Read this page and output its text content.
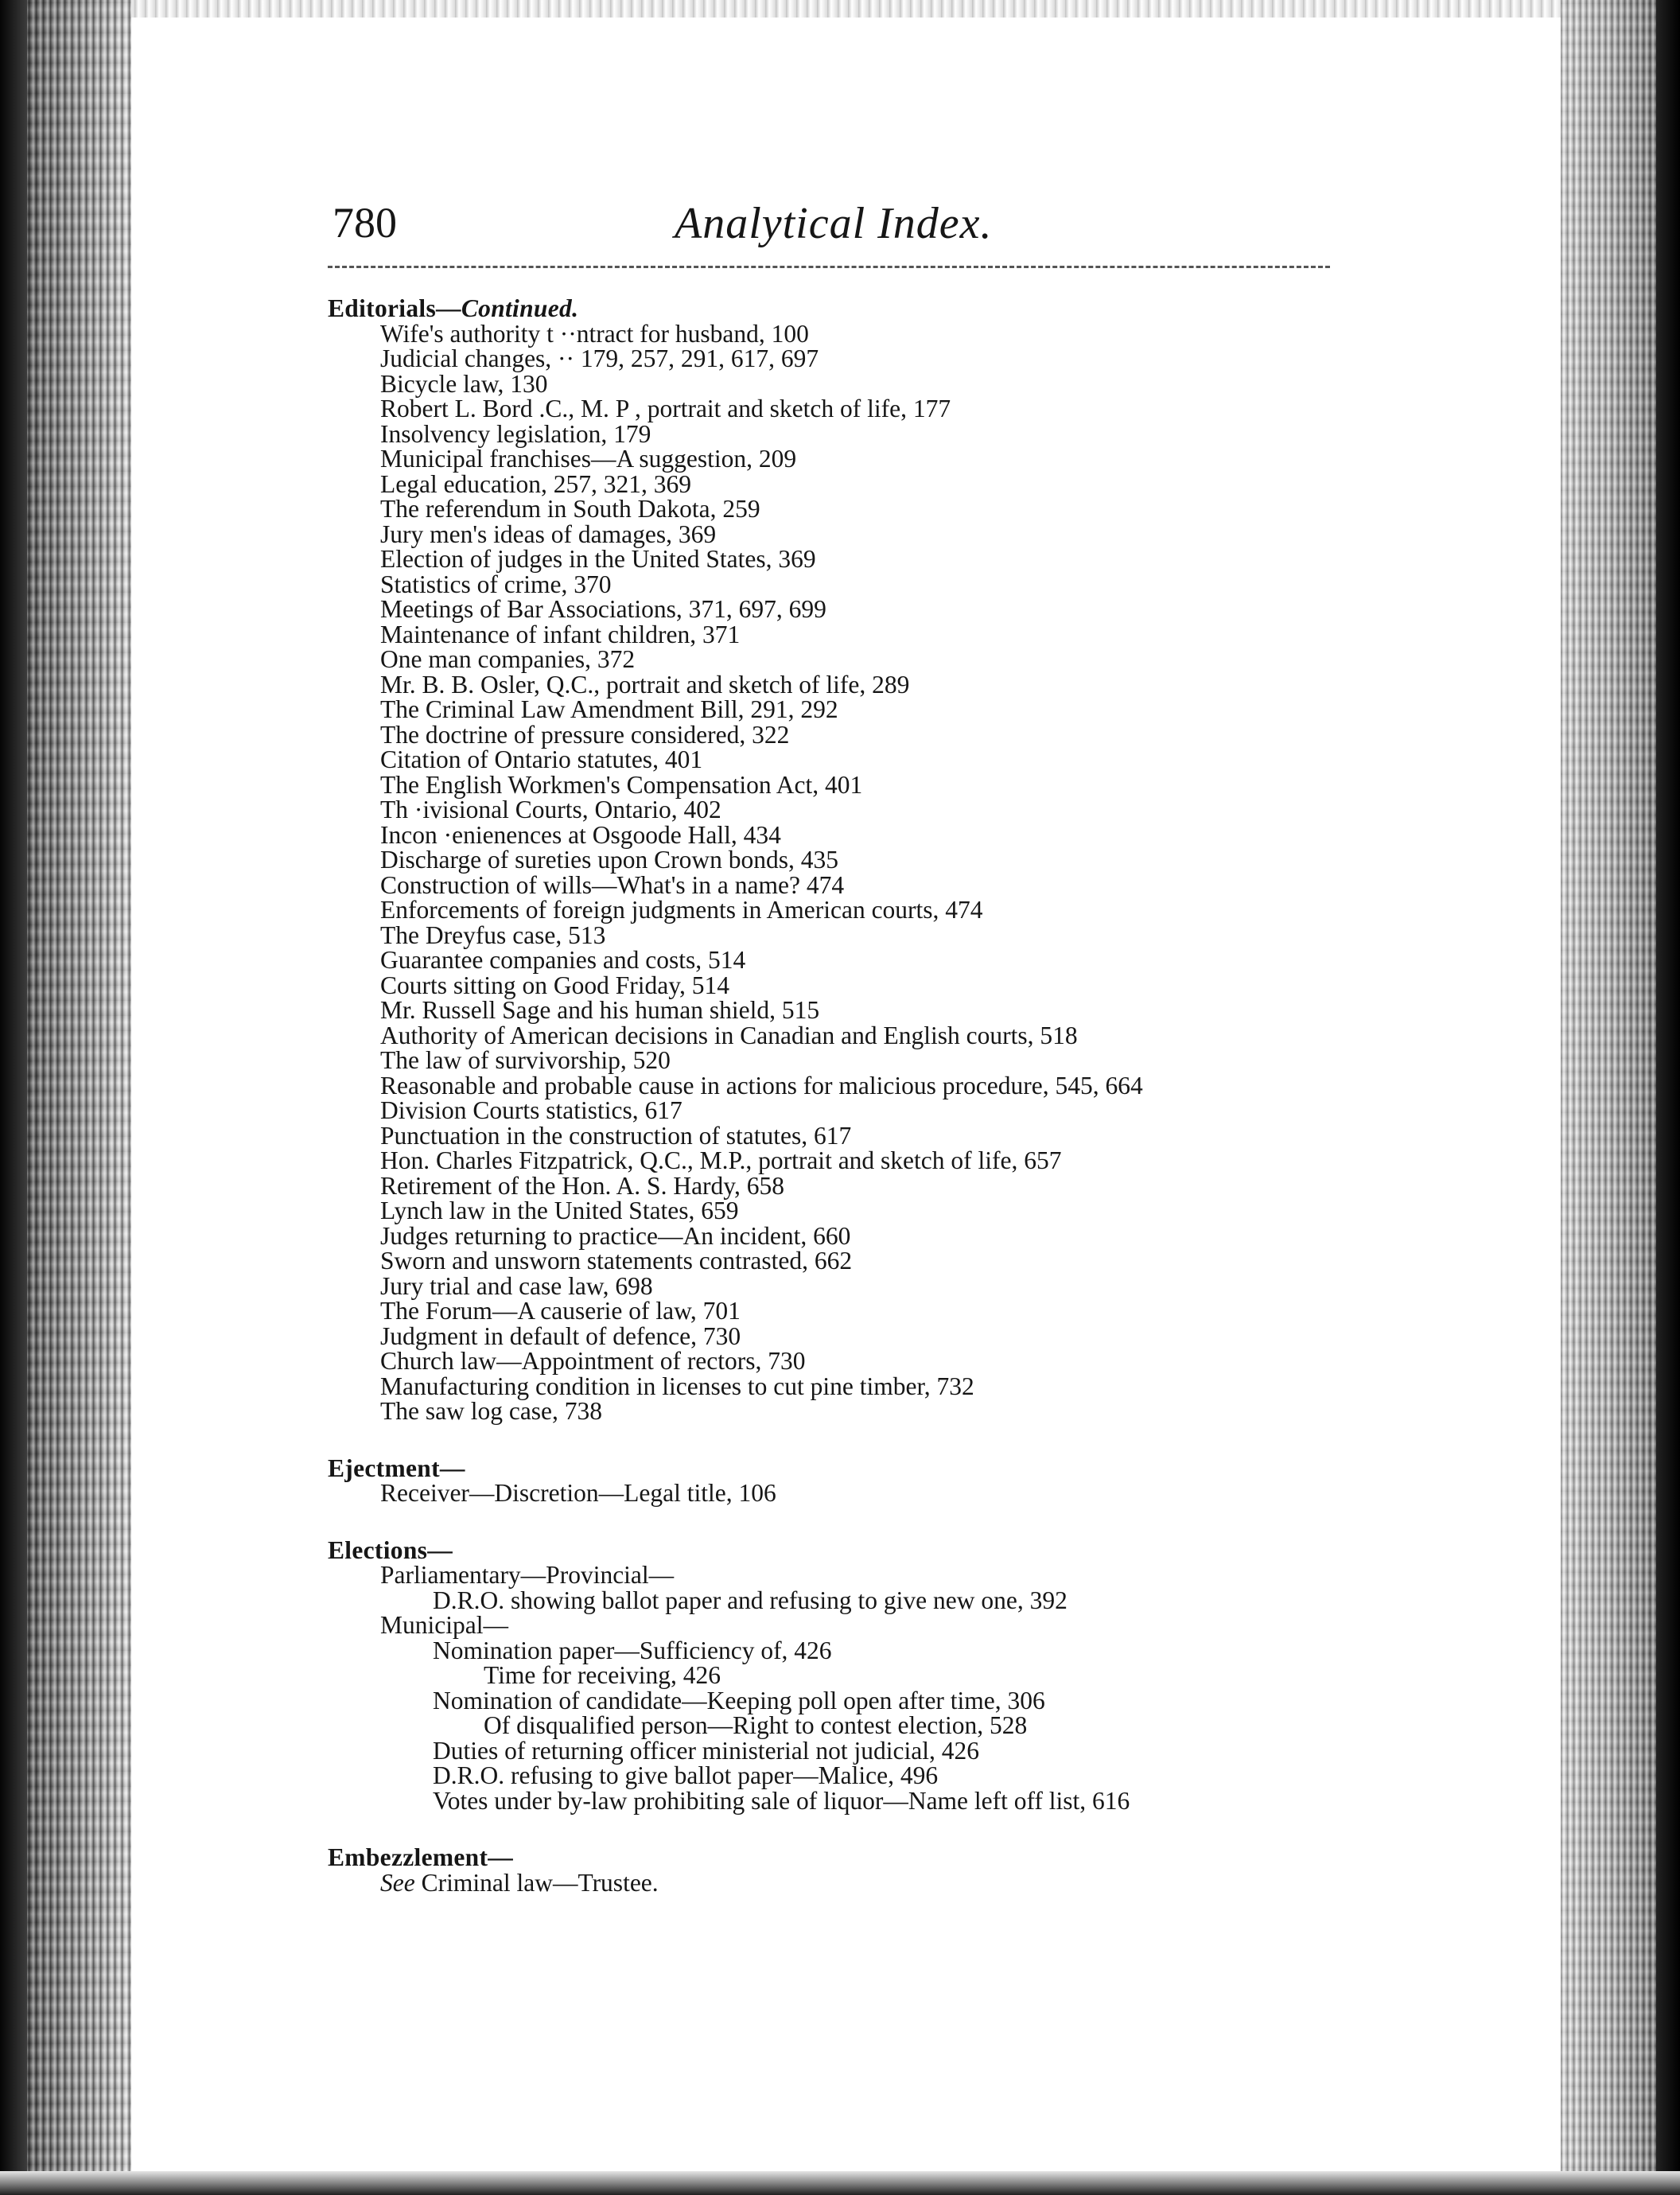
780	Analytical Index.
Editorials—Continued.
Wife's authority t ··ntract for husband, 100
Judicial changes, ·· 179, 257, 291, 617, 697
Bicycle law, 130
Robert L. Bord .C., M. P , portrait and sketch of life, 177
Insolvency legislation, 179
Municipal franchises—A suggestion, 209
Legal education, 257, 321, 369
The referendum in South Dakota, 259
Jury men's ideas of damages, 369
Election of judges in the United States, 369
Statistics of crime, 370
Meetings of Bar Associations, 371, 697, 699
Maintenance of infant children, 371
One man companies, 372
Mr. B. B. Osler, Q.C., portrait and sketch of life, 289
The Criminal Law Amendment Bill, 291, 292
The doctrine of pressure considered, 322
Citation of Ontario statutes, 401
The English Workmen's Compensation Act, 401
Th ·ivisional Courts, Ontario, 402
Incon ·enienences at Osgoode Hall, 434
Discharge of sureties upon Crown bonds, 435
Construction of wills—What's in a name? 474
Enforcements of foreign judgments in American courts, 474
The Dreyfus case, 513
Guarantee companies and costs, 514
Courts sitting on Good Friday, 514
Mr. Russell Sage and his human shield, 515
Authority of American decisions in Canadian and English courts, 518
The law of survivorship, 520
Reasonable and probable cause in actions for malicious procedure, 545, 664
Division Courts statistics, 617
Punctuation in the construction of statutes, 617
Hon. Charles Fitzpatrick, Q.C., M.P., portrait and sketch of life, 657
Retirement of the Hon. A. S. Hardy, 658
Lynch law in the United States, 659
Judges returning to practice—An incident, 660
Sworn and unsworn statements contrasted, 662
Jury trial and case law, 698
The Forum—A causerie of law, 701
Judgment in default of defence, 730
Church law—Appointment of rectors, 730
Manufacturing condition in licenses to cut pine timber, 732
The saw log case, 738
Ejectment—
Receiver—Discretion—Legal title, 106
Elections—
Parliamentary—Provincial—
D.R.O. showing ballot paper and refusing to give new one, 392
Municipal—
Nomination paper—Sufficiency of, 426
Time for receiving, 426
Nomination of candidate—Keeping poll open after time, 306
Of disqualified person—Right to contest election, 528
Duties of returning officer ministerial not judicial, 426
D.R.O. refusing to give ballot paper—Malice, 496
Votes under by-law prohibiting sale of liquor—Name left off list, 616
Embezzlement—
See Criminal law—Trustee.
